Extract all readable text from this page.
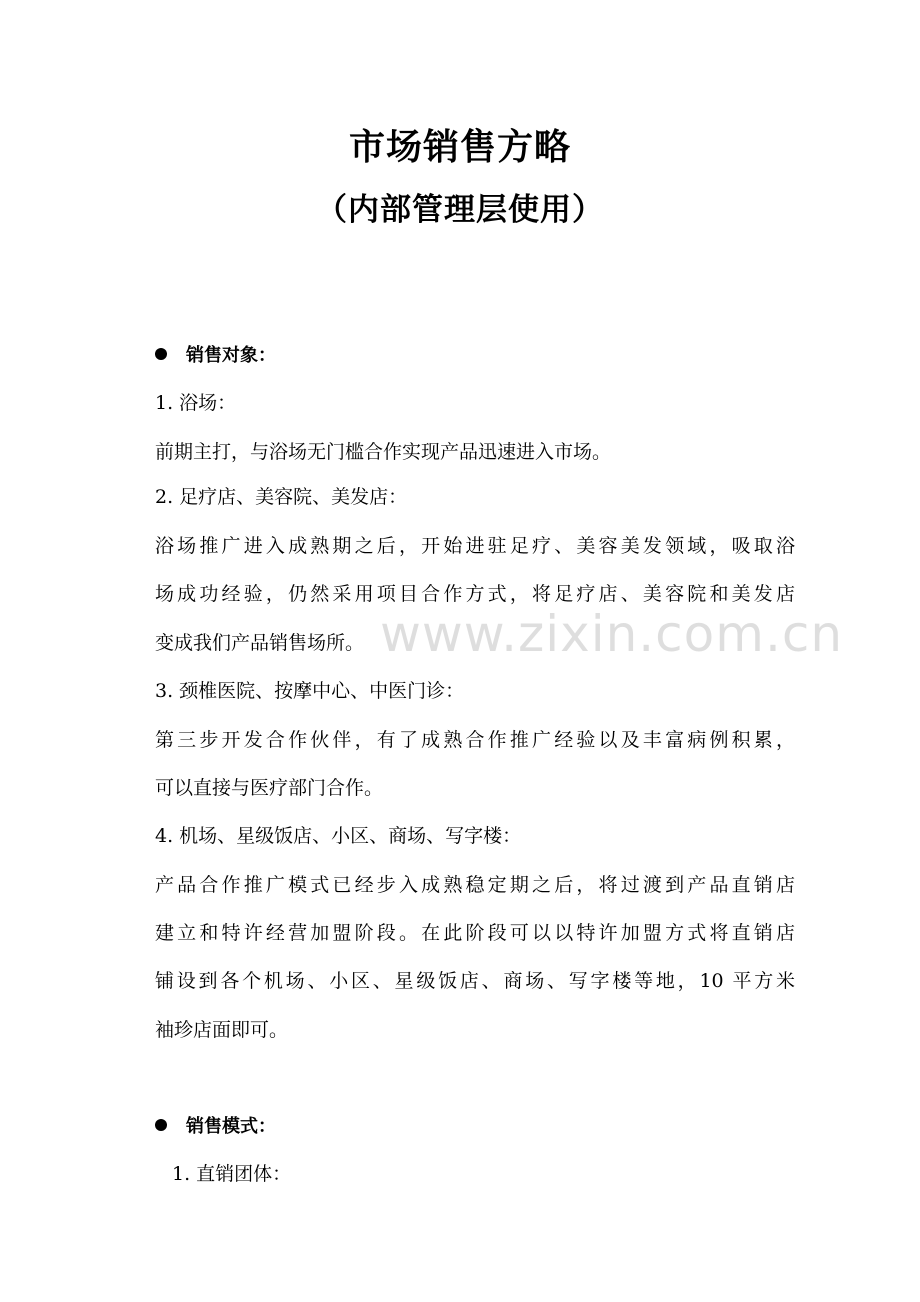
市场销售方略
（内部管理层使用）
销售对象：
1. 浴场：
前期主打，与浴场无门槛合作实现产品迅速进入市场。
2. 足疗店、美容院、美发店：
浴场推广进入成熟期之后，开始进驻足疗、美容美发领域，吸取浴
场成功经验，仍然采用项目合作方式，将足疗店、美容院和美发店
变成我们产品销售场所。
3. 颈椎医院、按摩中心、中医门诊：
第三步开发合作伙伴，有了成熟合作推广经验以及丰富病例积累，
可以直接与医疗部门合作。
4. 机场、星级饭店、小区、商场、写字楼：
产品合作推广模式已经步入成熟稳定期之后，将过渡到产品直销店
建立和特许经营加盟阶段。在此阶段可以以特许加盟方式将直销店
铺设到各个机场、小区、星级饭店、商场、写字楼等地，10 平方米
袖珍店面即可。
销售模式：
1. 直销团体：
www.zixin.com.cn
